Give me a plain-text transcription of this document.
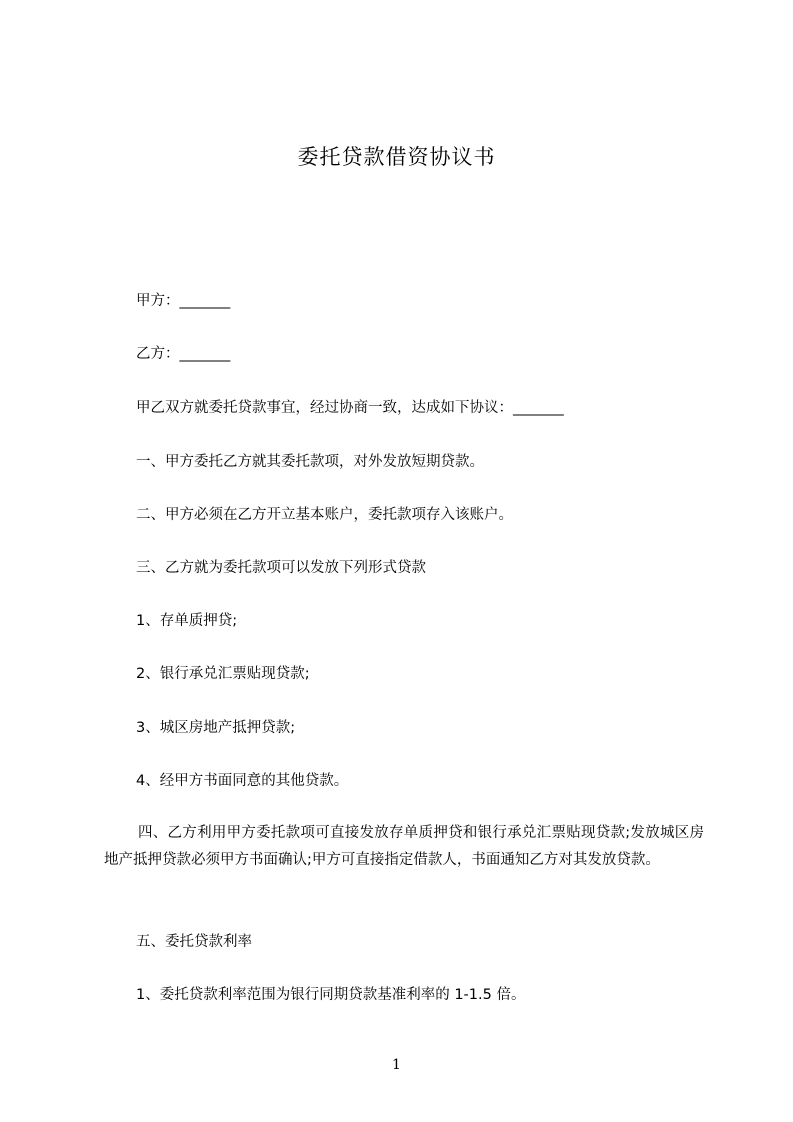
委托贷款借资协议书

甲方：_______

乙方：_______

甲乙双方就委托贷款事宜，经过协商一致，达成如下协议：_______

一、甲方委托乙方就其委托款项，对外发放短期贷款。

二、甲方必须在乙方开立基本账户，委托款项存入该账户。

三、乙方就为委托款项可以发放下列形式贷款

1、存单质押贷;

2、银行承兑汇票贴现贷款;

3、城区房地产抵押贷款;

4、经甲方书面同意的其他贷款。

四、乙方利用甲方委托款项可直接发放存单质押贷和银行承兑汇票贴现贷款;发放城区房地产抵押贷款必须甲方书面确认;甲方可直接指定借款人，书面通知乙方对其发放贷款。

五、委托贷款利率

1、委托贷款利率范围为银行同期贷款基准利率的 1-1.5 倍。

1
